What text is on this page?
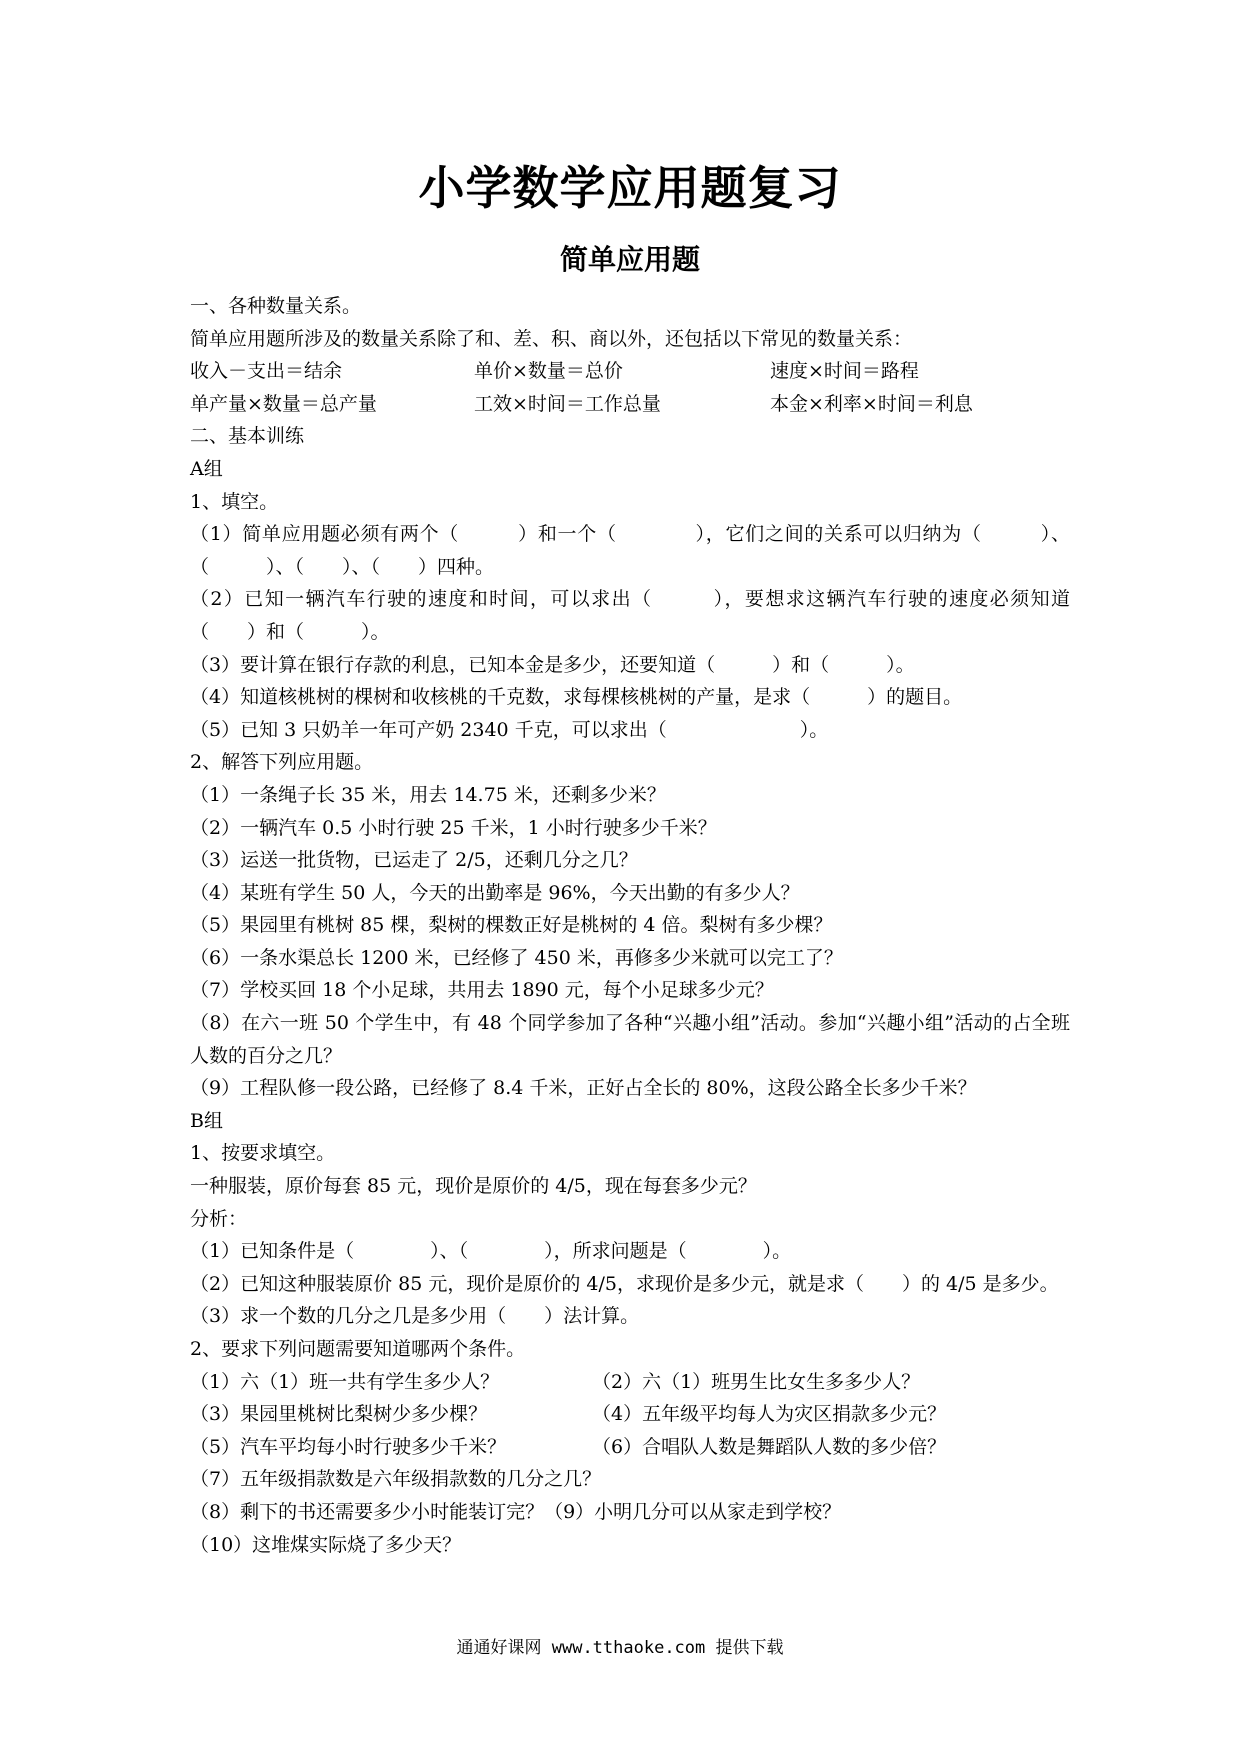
小学数学应用题复习
简单应用题
一、各种数量关系。
简单应用题所涉及的数量关系除了和、差、积、商以外，还包括以下常见的数量关系：
收入－支出＝结余	单价×数量＝总价	速度×时间＝路程
单产量×数量＝总产量	工效×时间＝工作总量	本金×利率×时间＝利息
二、基本训练
A组
1、填空。
（1）简单应用题必须有两个（　　　）和一个（　　　　），它们之间的关系可以归纳为（　　　）、（　　　）、（　　）、（　　）四种。
（2）已知一辆汽车行驶的速度和时间，可以求出（　　　），要想求这辆汽车行驶的速度必须知道（　　）和（　　　）。
（3）要计算在银行存款的利息，已知本金是多少，还要知道（　　　）和（　　　）。
（4）知道核桃树的棵树和收核桃的千克数，求每棵核桃树的产量，是求（　　　）的题目。
（5）已知 3 只奶羊一年可产奶 2340 千克，可以求出（　　　　　　　）。
2、解答下列应用题。
（1）一条绳子长 35 米，用去 14.75 米，还剩多少米？
（2）一辆汽车 0.5 小时行驶 25 千米，1 小时行驶多少千米？
（3）运送一批货物，已运走了 2/5，还剩几分之几？
（4）某班有学生 50 人，今天的出勤率是 96%，今天出勤的有多少人？
（5）果园里有桃树 85 棵，梨树的棵数正好是桃树的 4 倍。梨树有多少棵？
（6）一条水渠总长 1200 米，已经修了 450 米，再修多少米就可以完工了？
（7）学校买回 18 个小足球，共用去 1890 元，每个小足球多少元？
（8）在六一班 50 个学生中，有 48 个同学参加了各种“兴趣小组”活动。参加“兴趣小组”活动的占全班人数的百分之几？
（9）工程队修一段公路，已经修了 8.4 千米，正好占全长的 80%，这段公路全长多少千米？
B组
1、按要求填空。
一种服装，原价每套 85 元，现价是原价的 4/5，现在每套多少元？
分析：
（1）已知条件是（　　　　）、（　　　　），所求问题是（　　　　）。
（2）已知这种服装原价 85 元，现价是原价的 4/5，求现价是多少元，就是求（　　）的 4/5 是多少。
（3）求一个数的几分之几是多少用（　　）法计算。
2、要求下列问题需要知道哪两个条件。
（1）六（1）班一共有学生多少人？	（2）六（1）班男生比女生多多少人？
（3）果园里桃树比梨树少多少棵？	（4）五年级平均每人为灾区捐款多少元？
（5）汽车平均每小时行驶多少千米？	（6）合唱队人数是舞蹈队人数的多少倍？
（7）五年级捐款数是六年级捐款数的几分之几？
（8）剩下的书还需要多少小时能装订完？（9）小明几分可以从家走到学校？
（10）这堆煤实际烧了多少天？
通通好课网 www.tthaoke.com 提供下载
